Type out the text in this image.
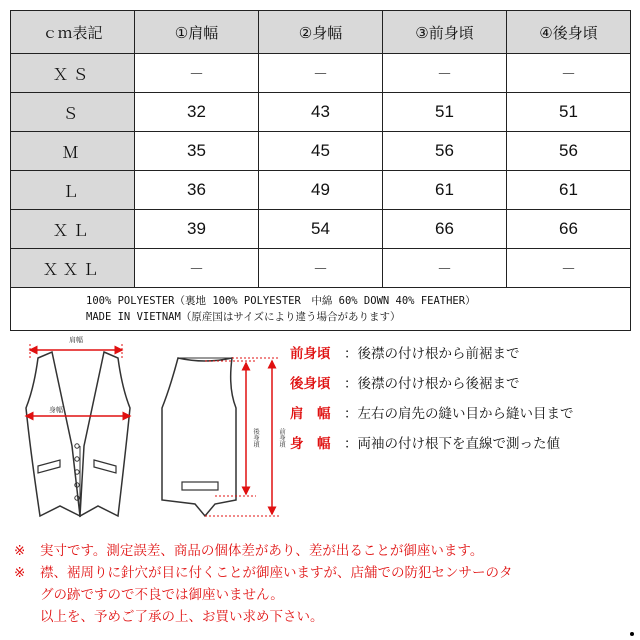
ｃｍ表記	①肩幅	②身幅	③前身頃	④後身頃
ＸＳ	－	－	－	－
Ｓ	32	43	51	51
Ｍ	35	45	56	56
Ｌ	36	49	61	61
ＸＬ	39	54	66	66
ＸＸＬ	－	－	－	－

100% POLYESTER（裏地 100% POLYESTER　中綿 60% DOWN 40% FEATHER）
MADE IN VIETNAM（原産国はサイズにより違う場合があります）				
肩幅
身幅
後身頃	前身頃
前身頃	： 後襟の付け根から前裾まで
後身頃	： 後襟の付け根から後裾まで
肩　幅	： 左右の肩先の縫い目から縫い目まで
身　幅	： 両袖の付け根下を直線で測った値
※	実寸です。測定誤差、商品の個体差があり、差が出ることが御座います。
※	襟、裾周りに針穴が目に付くことが御座いますが、店舗での防犯センサーのタ
グの跡ですので不良では御座いません。
以上を、予めご了承の上、お買い求め下さい。
